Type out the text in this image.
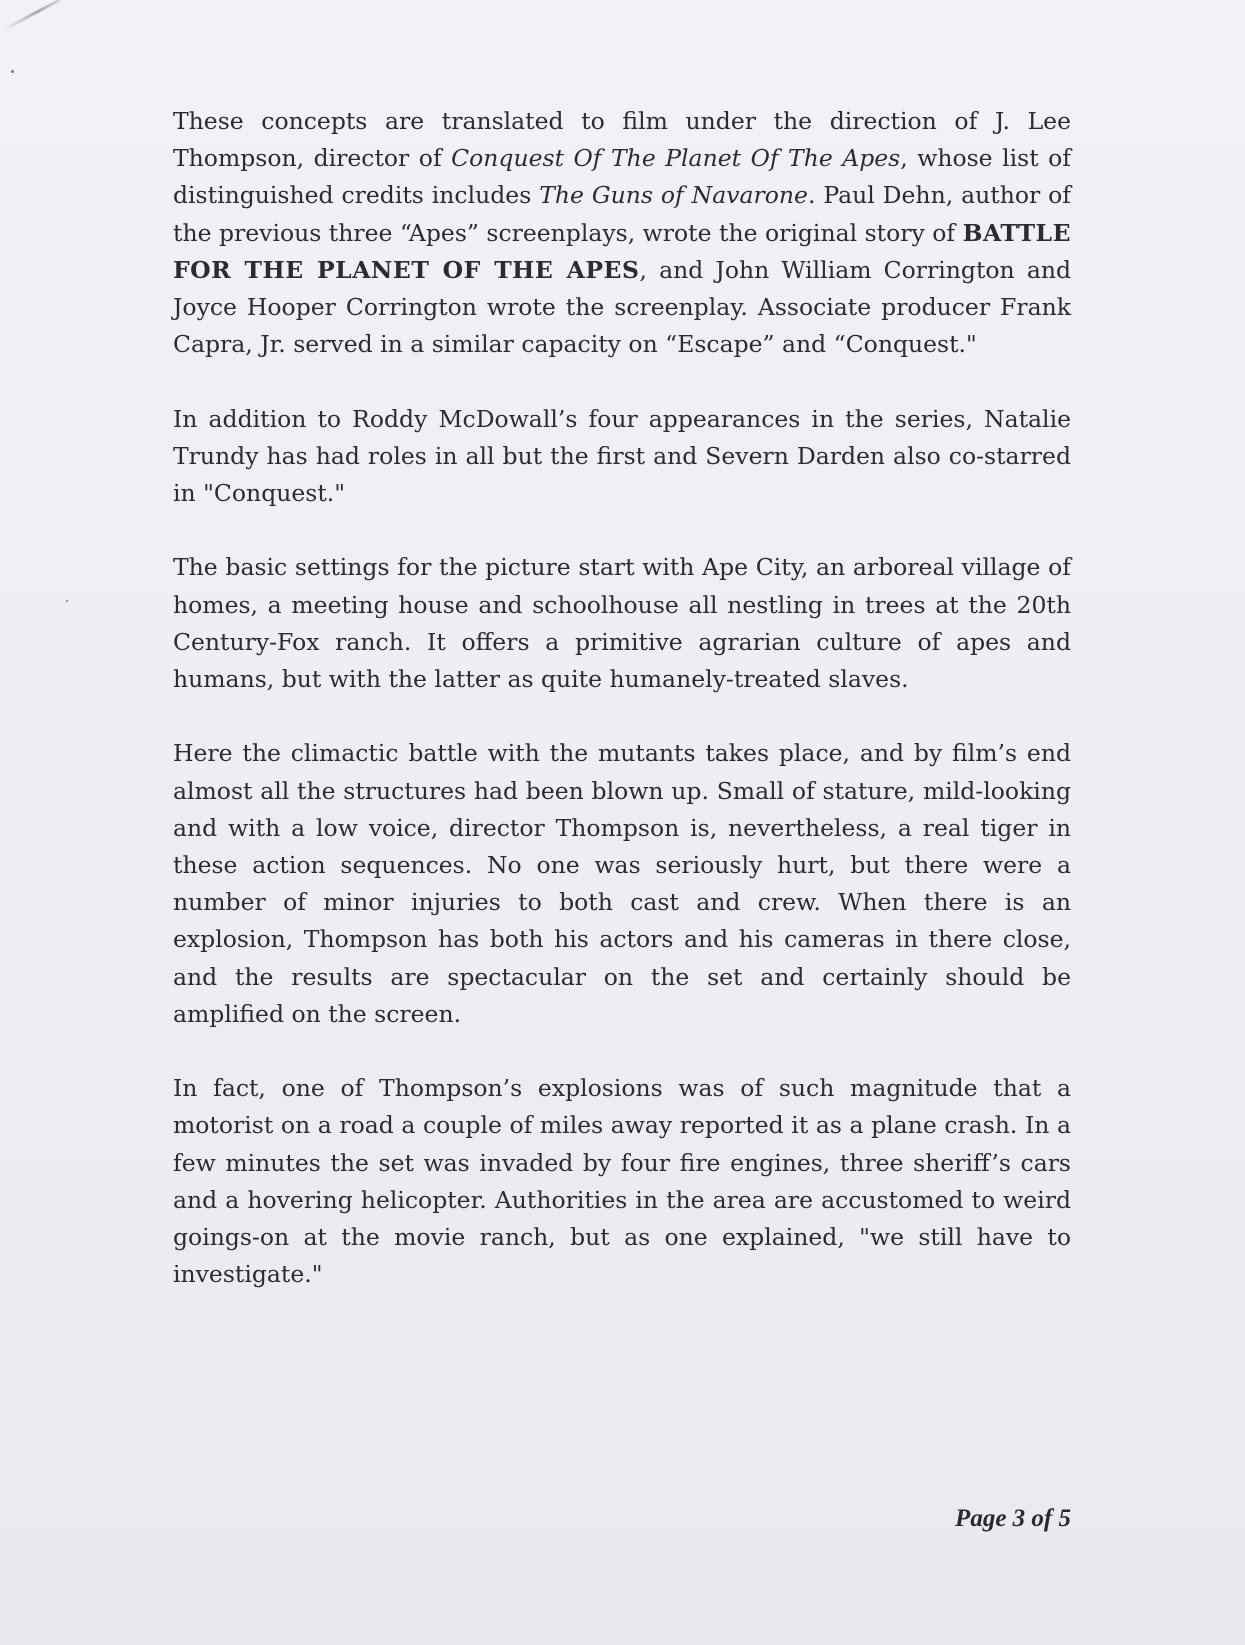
These concepts are translated to film under the direction of J. Lee Thompson, director of Conquest Of The Planet Of The Apes, whose list of distinguished credits includes The Guns of Navarone. Paul Dehn, author of the previous three “Apes” screenplays, wrote the original story of BATTLE FOR THE PLANET OF THE APES, and John William Corrington and Joyce Hooper Corrington wrote the screenplay. Associate producer Frank Capra, Jr. served in a similar capacity on “Escape” and “Conquest."

In addition to Roddy McDowall’s four appearances in the series, Natalie Trundy has had roles in all but the first and Severn Darden also co-starred in "Conquest."

The basic settings for the picture start with Ape City, an arboreal village of homes, a meeting house and schoolhouse all nestling in trees at the 20th Century-Fox ranch. It offers a primitive agrarian culture of apes and humans, but with the latter as quite humanely-treated slaves.

Here the climactic battle with the mutants takes place, and by film’s end almost all the structures had been blown up. Small of stature, mild-looking and with a low voice, director Thompson is, nevertheless, a real tiger in these action sequences. No one was seriously hurt, but there were a number of minor injuries to both cast and crew. When there is an explosion, Thompson has both his actors and his cameras in there close, and the results are spectacular on the set and certainly should be amplified on the screen.

In fact, one of Thompson’s explosions was of such magnitude that a motorist on a road a couple of miles away reported it as a plane crash. In a few minutes the set was invaded by four fire engines, three sheriff’s cars and a hovering helicopter. Authorities in the area are accustomed to weird goings-on at the movie ranch, but as one explained, "we still have to investigate."

Page 3 of 5
